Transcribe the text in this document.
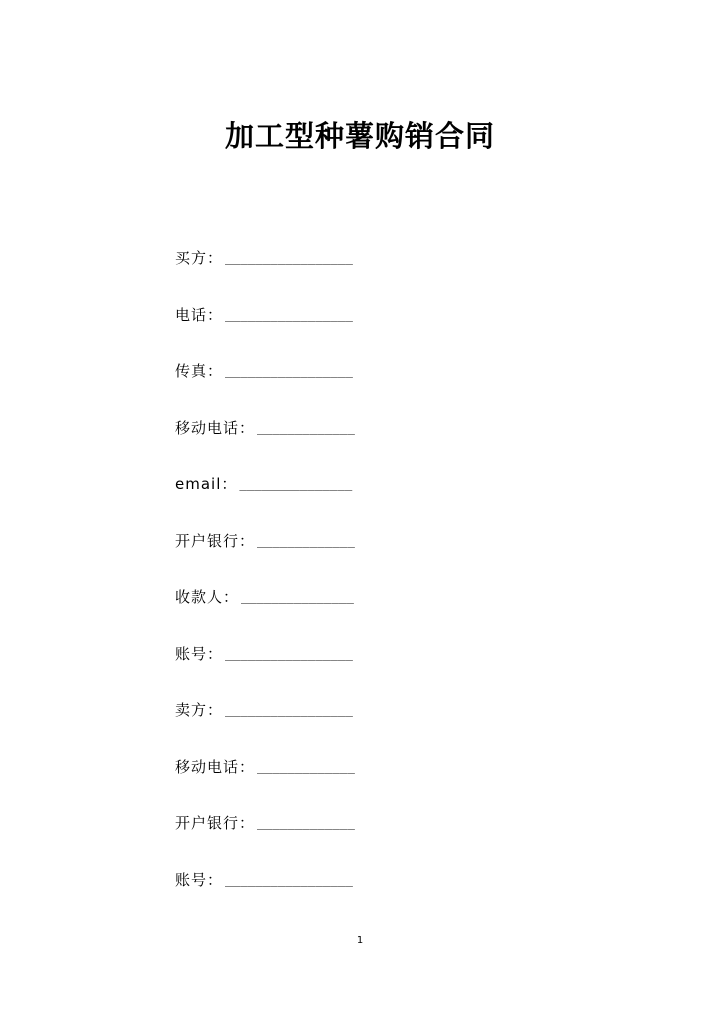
加工型种薯购销合同
买方： _________________
电话： _________________
传真： _________________
移动电话： _____________
email： _______________
开户银行： _____________
收款人： _______________
账号： _________________
卖方： _________________
移动电话： _____________
开户银行： _____________
账号： _________________
1
